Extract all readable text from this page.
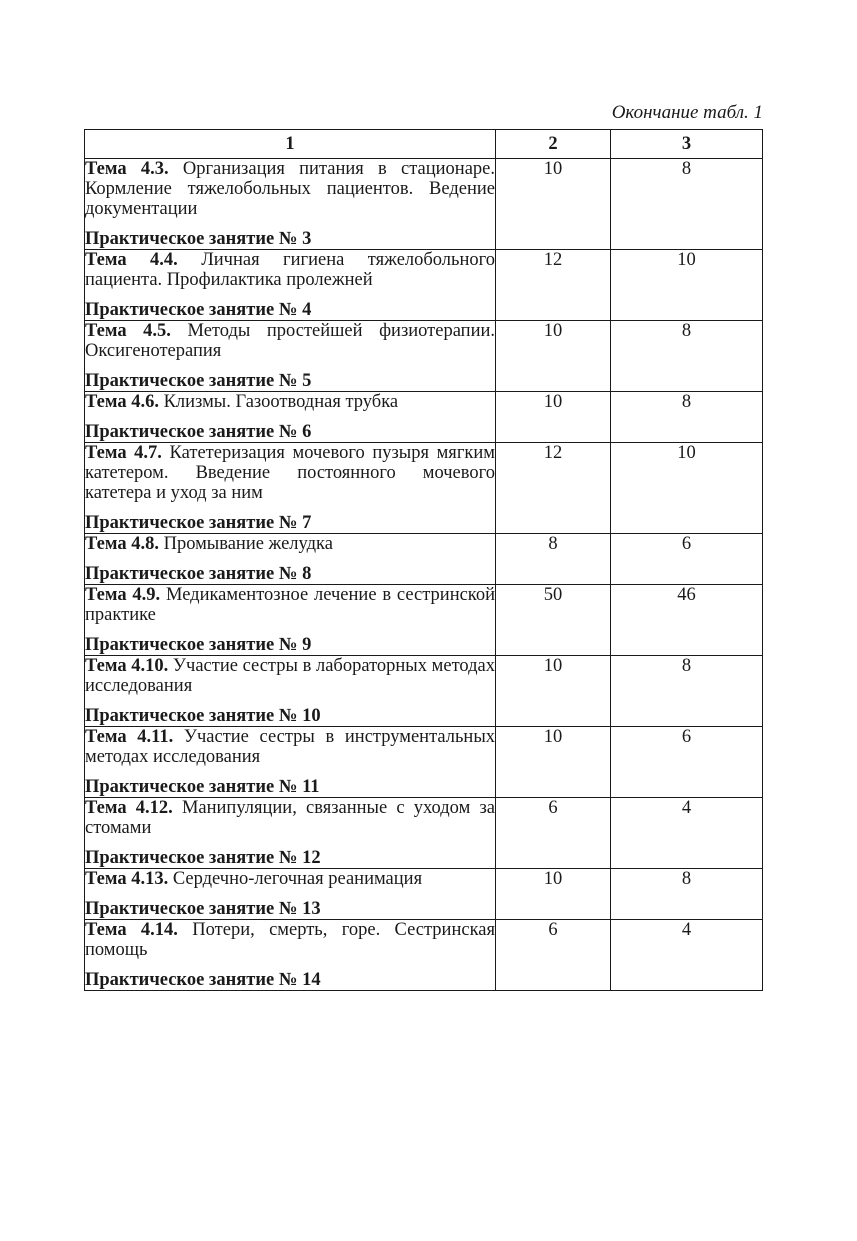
Окончание табл. 1
1	2	3

Тема 4.3. Организация питания в стационаре. Кормление тяжелобольных пациентов. Ведение документации
Практическое занятие № 3	10	8

Тема 4.4. Личная гигиена тяжелобольного пациента. Профилактика пролежней
Практическое занятие № 4	12	10

Тема 4.5. Методы простейшей физиотерапии. Оксигенотерапия
Практическое занятие № 5	10	8

Тема 4.6. Клизмы. Газоотводная трубка
Практическое занятие № 6	10	8

Тема 4.7. Катетеризация мочевого пузыря мягким катетером. Введение постоянного мочевого катетера и уход за ним
Практическое занятие № 7	12	10

Тема 4.8. Промывание желудка
Практическое занятие № 8	8	6

Тема 4.9. Медикаментозное лечение в сестринской практике
Практическое занятие № 9	50	46

Тема 4.10. Участие сестры в лабораторных методах исследования
Практическое занятие № 10	10	8

Тема 4.11. Участие сестры в инструментальных методах исследования
Практическое занятие № 11	10	6

Тема 4.12. Манипуляции, связанные с уходом за стомами
Практическое занятие № 12	6	4

Тема 4.13. Сердечно-легочная реанимация
Практическое занятие № 13	10	8

Тема 4.14. Потери, смерть, горе. Сестринская помощь
Практическое занятие № 14	6	4
